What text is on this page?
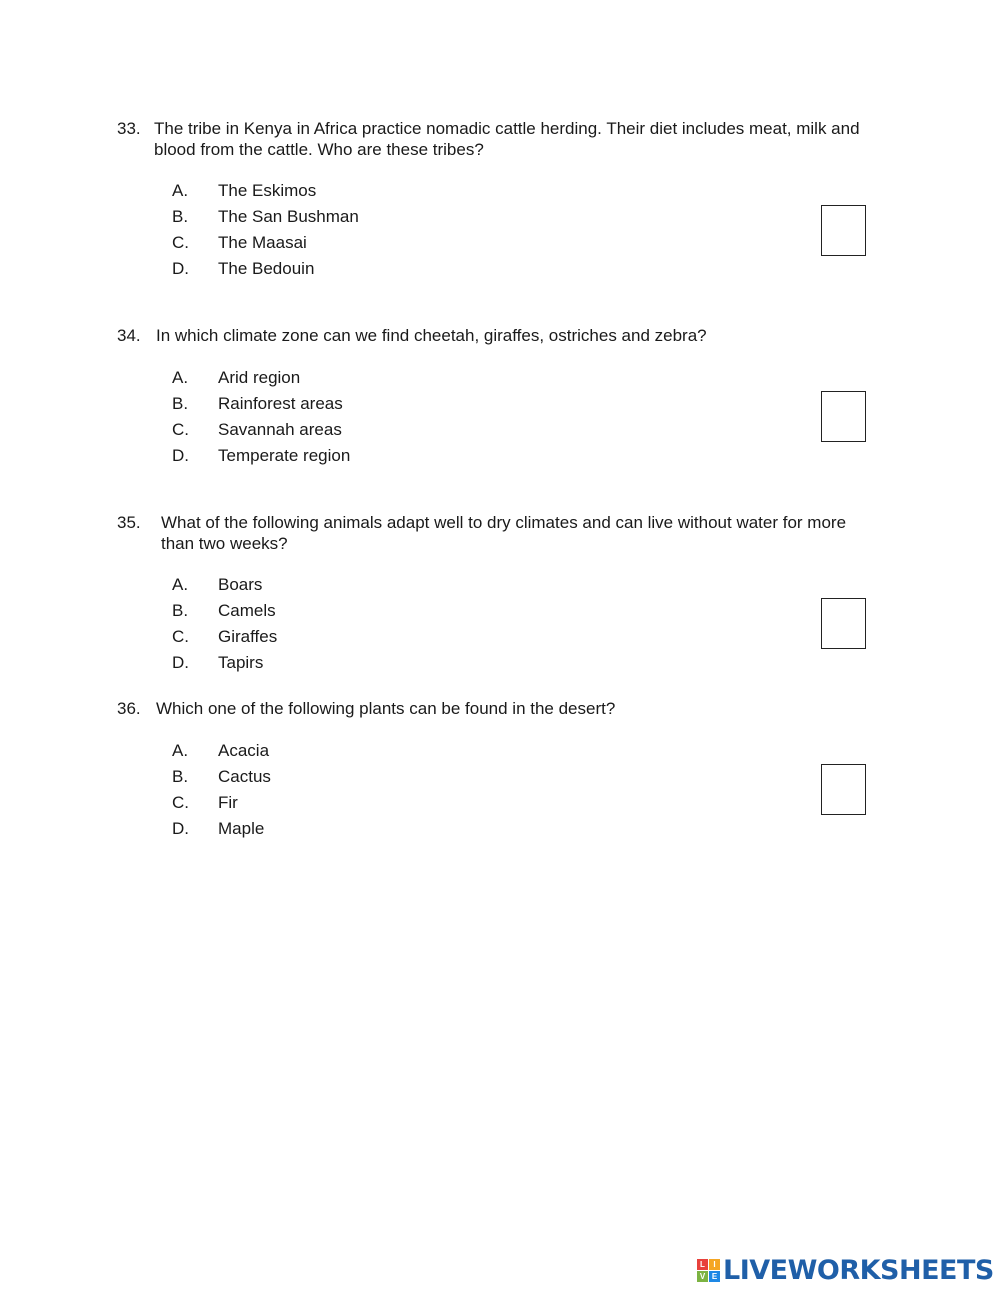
33. The tribe in Kenya in Africa practice nomadic cattle herding. Their diet includes meat, milk and blood from the cattle. Who are these tribes?
A.	The Eskimos
B.	The San Bushman
C.	The Maasai
D.	The Bedouin
34. In which climate zone can we find cheetah, giraffes, ostriches and zebra?
A.	Arid region
B.	Rainforest areas
C.	Savannah areas
D.	Temperate region
35. What of the following animals adapt well to dry climates and can live without water for more than two weeks?
A.	Boars
B.	Camels
C.	Giraffes
D.	Tapirs
36. Which one of the following plants can be found in the desert?
A.	Acacia
B.	Cactus
C.	Fir
D.	Maple
L	I
V E LIVEWORKSHEETS
